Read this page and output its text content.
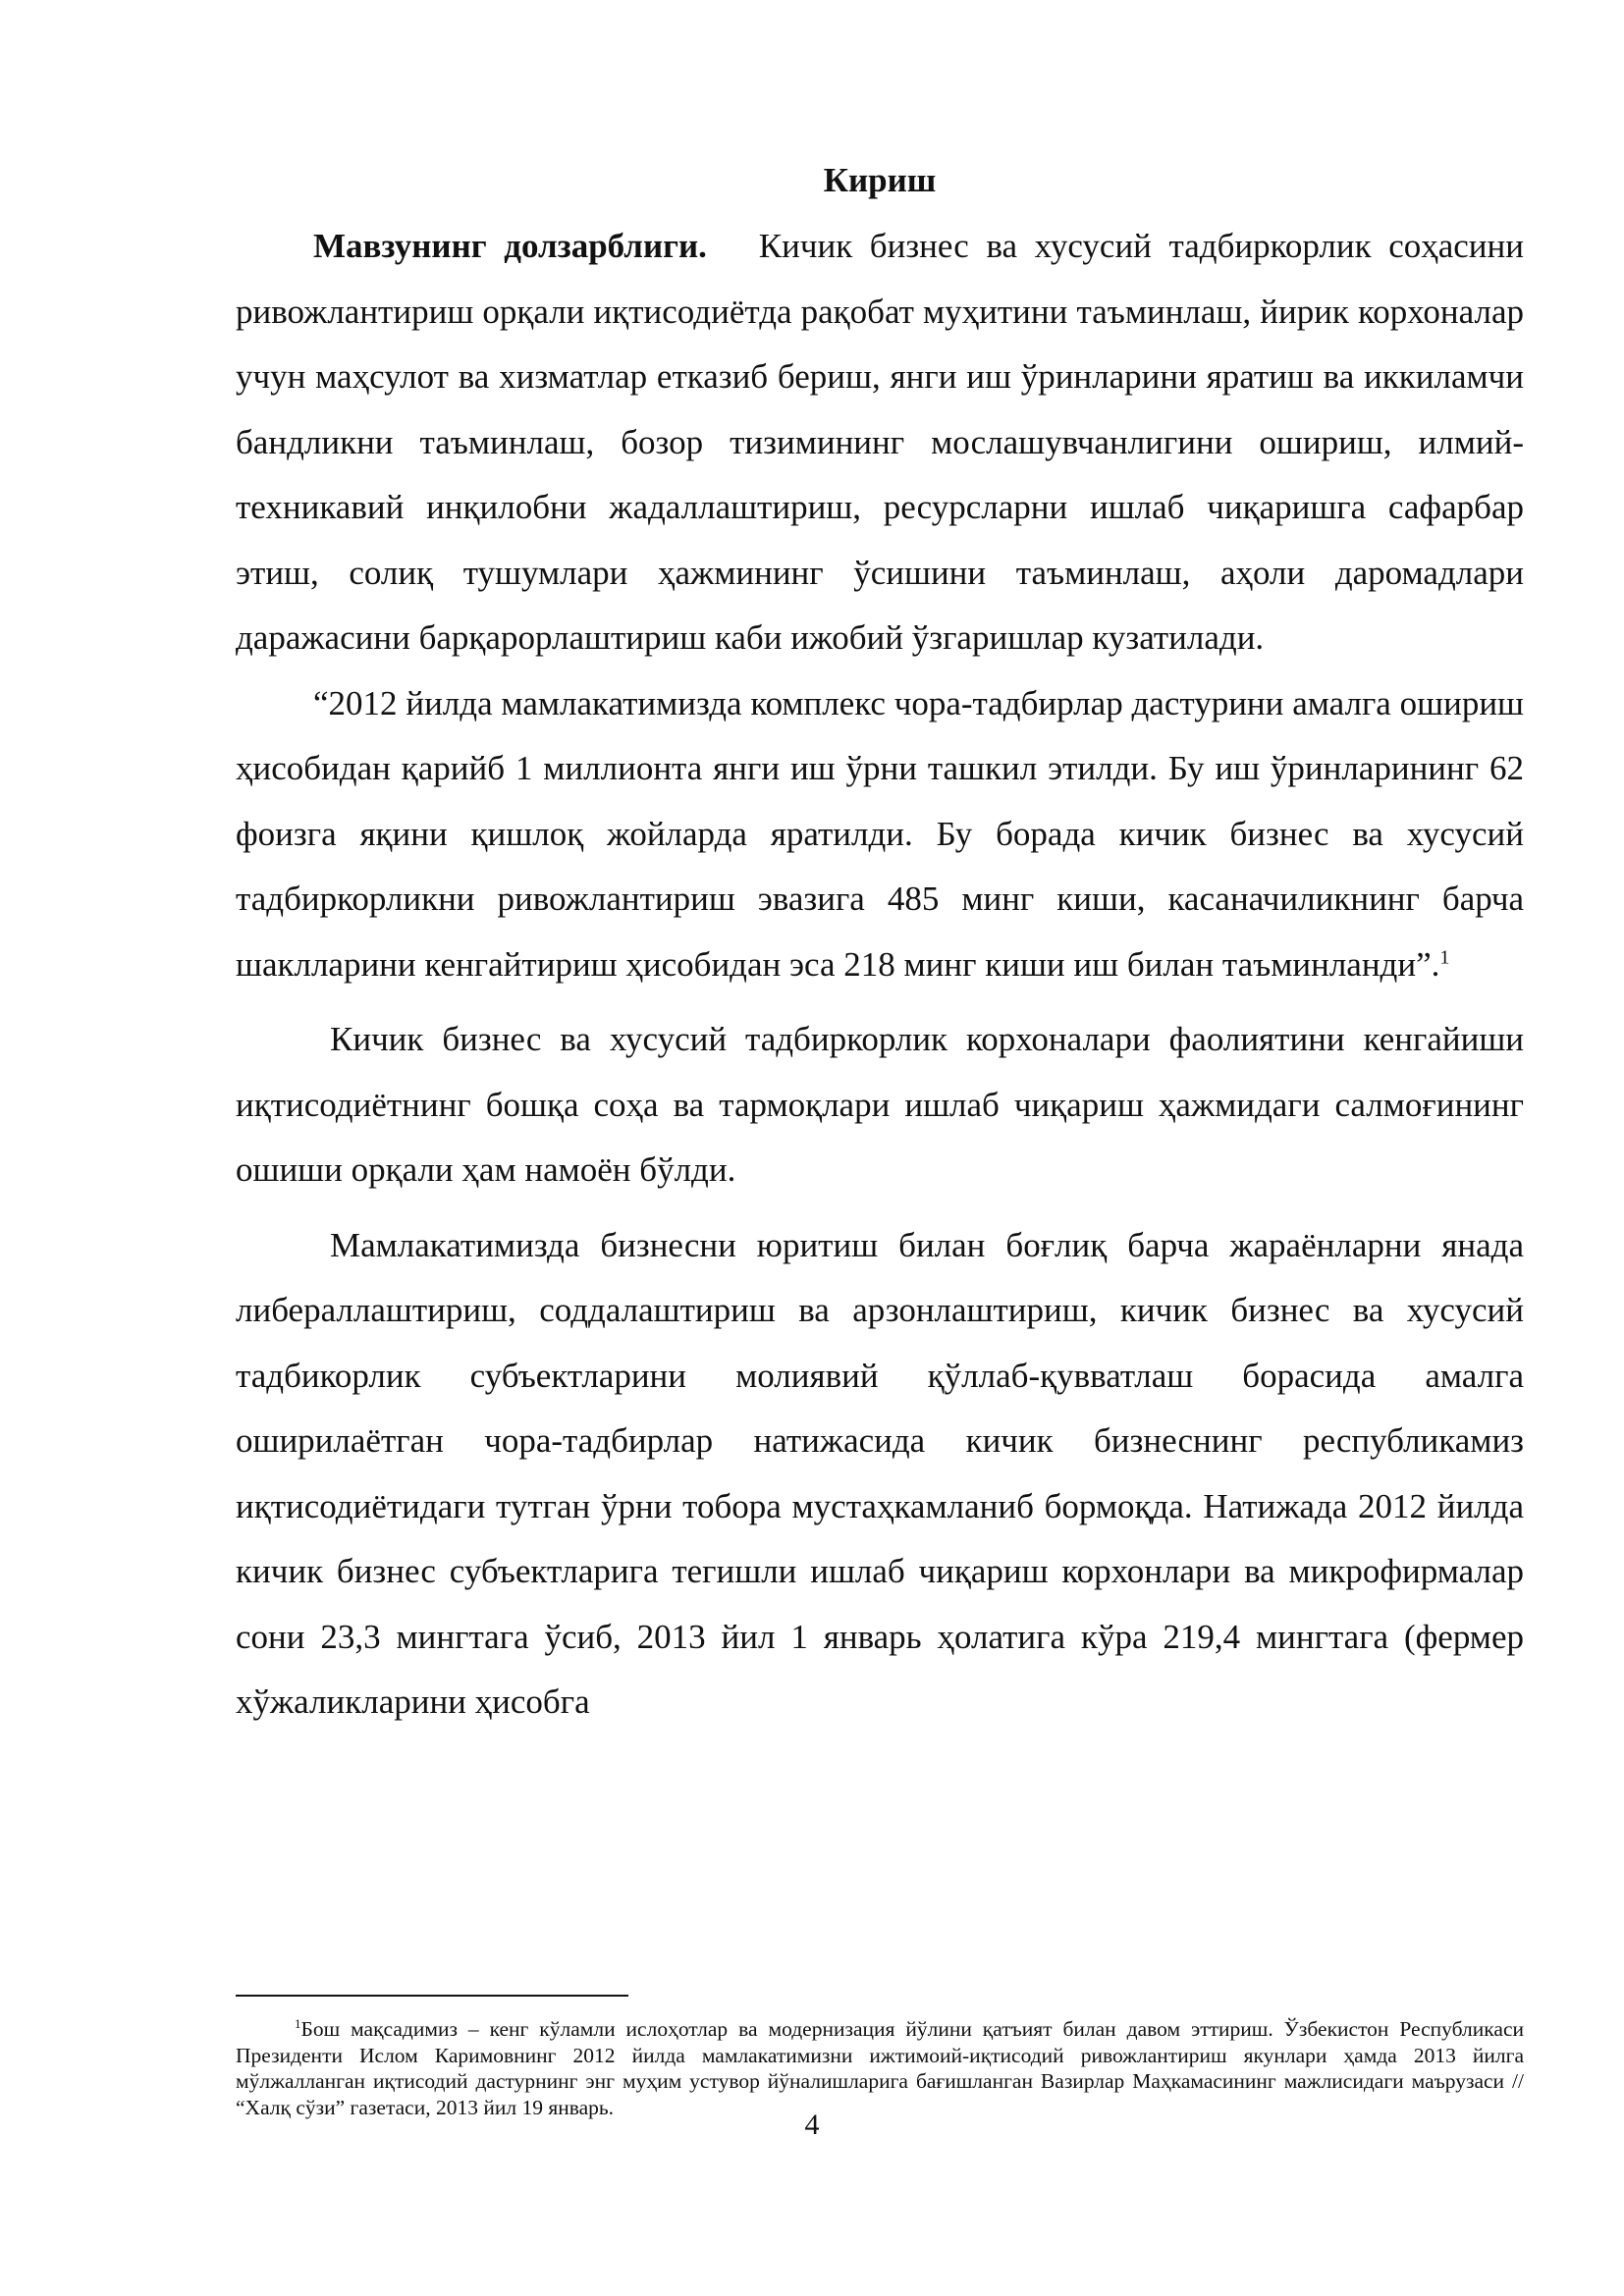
Кириш

Мавзунинг долзарблиги. Кичик бизнес ва хусусий тадбиркорлик соҳасини ривожлантириш орқали иқтисодиётда рақобат муҳитини таъминлаш, йирик корхоналар учун маҳсулот ва хизматлар етказиб бериш, янги иш ўринларини яратиш ва иккиламчи бандликни таъминлаш, бозор тизимининг мослашувчанлигини ошириш, илмий-техникавий инқилобни жадаллаштириш, ресурсларни ишлаб чиқаришга сафарбар этиш, солиқ тушумлари ҳажмининг ўсишини таъминлаш, аҳоли даромадлари даражасини барқарорлаштириш каби ижобий ўзгаришлар кузатилади.

“2012 йилда мамлакатимизда комплекс чора-тадбирлар дастурини амалга ошириш ҳисобидан қарийб 1 миллионта янги иш ўрни ташкил этилди. Бу иш ўринларининг 62 фоизга яқини қишлоқ жойларда яратилди. Бу борада кичик бизнес ва хусусий тадбиркорликни ривожлантириш эвазига 485 минг киши, касаначиликнинг барча шаклларини кенгайтириш ҳисобидан эса 218 минг киши иш билан таъминланди”.$^1$

Кичик бизнес ва хусусий тадбиркорлик корхоналари фаолиятини кенгайиши иқтисодиётнинг бошқа соҳа ва тармоқлари ишлаб чиқариш ҳажмидаги салмоғининг ошиши орқали ҳам намоён бўлди.

Мамлакатимизда бизнесни юритиш билан боғлиқ барча жараёнларни янада либераллаштириш, соддалаштириш ва арзонлаштириш, кичик бизнес ва хусусий тадбикорлик субъектларини молиявий қўллаб-қувватлаш борасида амалга оширилаётган чора-тадбирлар натижасида кичик бизнеснинг республикамиз иқтисодиётидаги тутган ўрни тобора мустаҳкамланиб бормоқда. Натижада 2012 йилда кичик бизнес субъектларига тегишли ишлаб чиқариш корхонлари ва микрофирмалар сони 23,3 мингтага ўсиб, 2013 йил 1 январь ҳолатига кўра 219,4 мингтага (фермер хўжаликларини ҳисобга

$^1$Бош мақсадимиз – кенг кўламли ислоҳотлар ва модернизация йўлини қатъият билан давом эттириш. Ўзбекистон Республикаси Президенти Ислом Каримовнинг 2012 йилда мамлакатимизни ижтимоий-иқтисодий ривожлантириш якунлари ҳамда 2013 йилга мўлжалланган иқтисодий дастурнинг энг муҳим устувор йўналишларига бағишланган Вазирлар Маҳкамасининг мажлисидаги маърузаси // “Халқ сўзи” газетаси, 2013 йил 19 январь.

4
